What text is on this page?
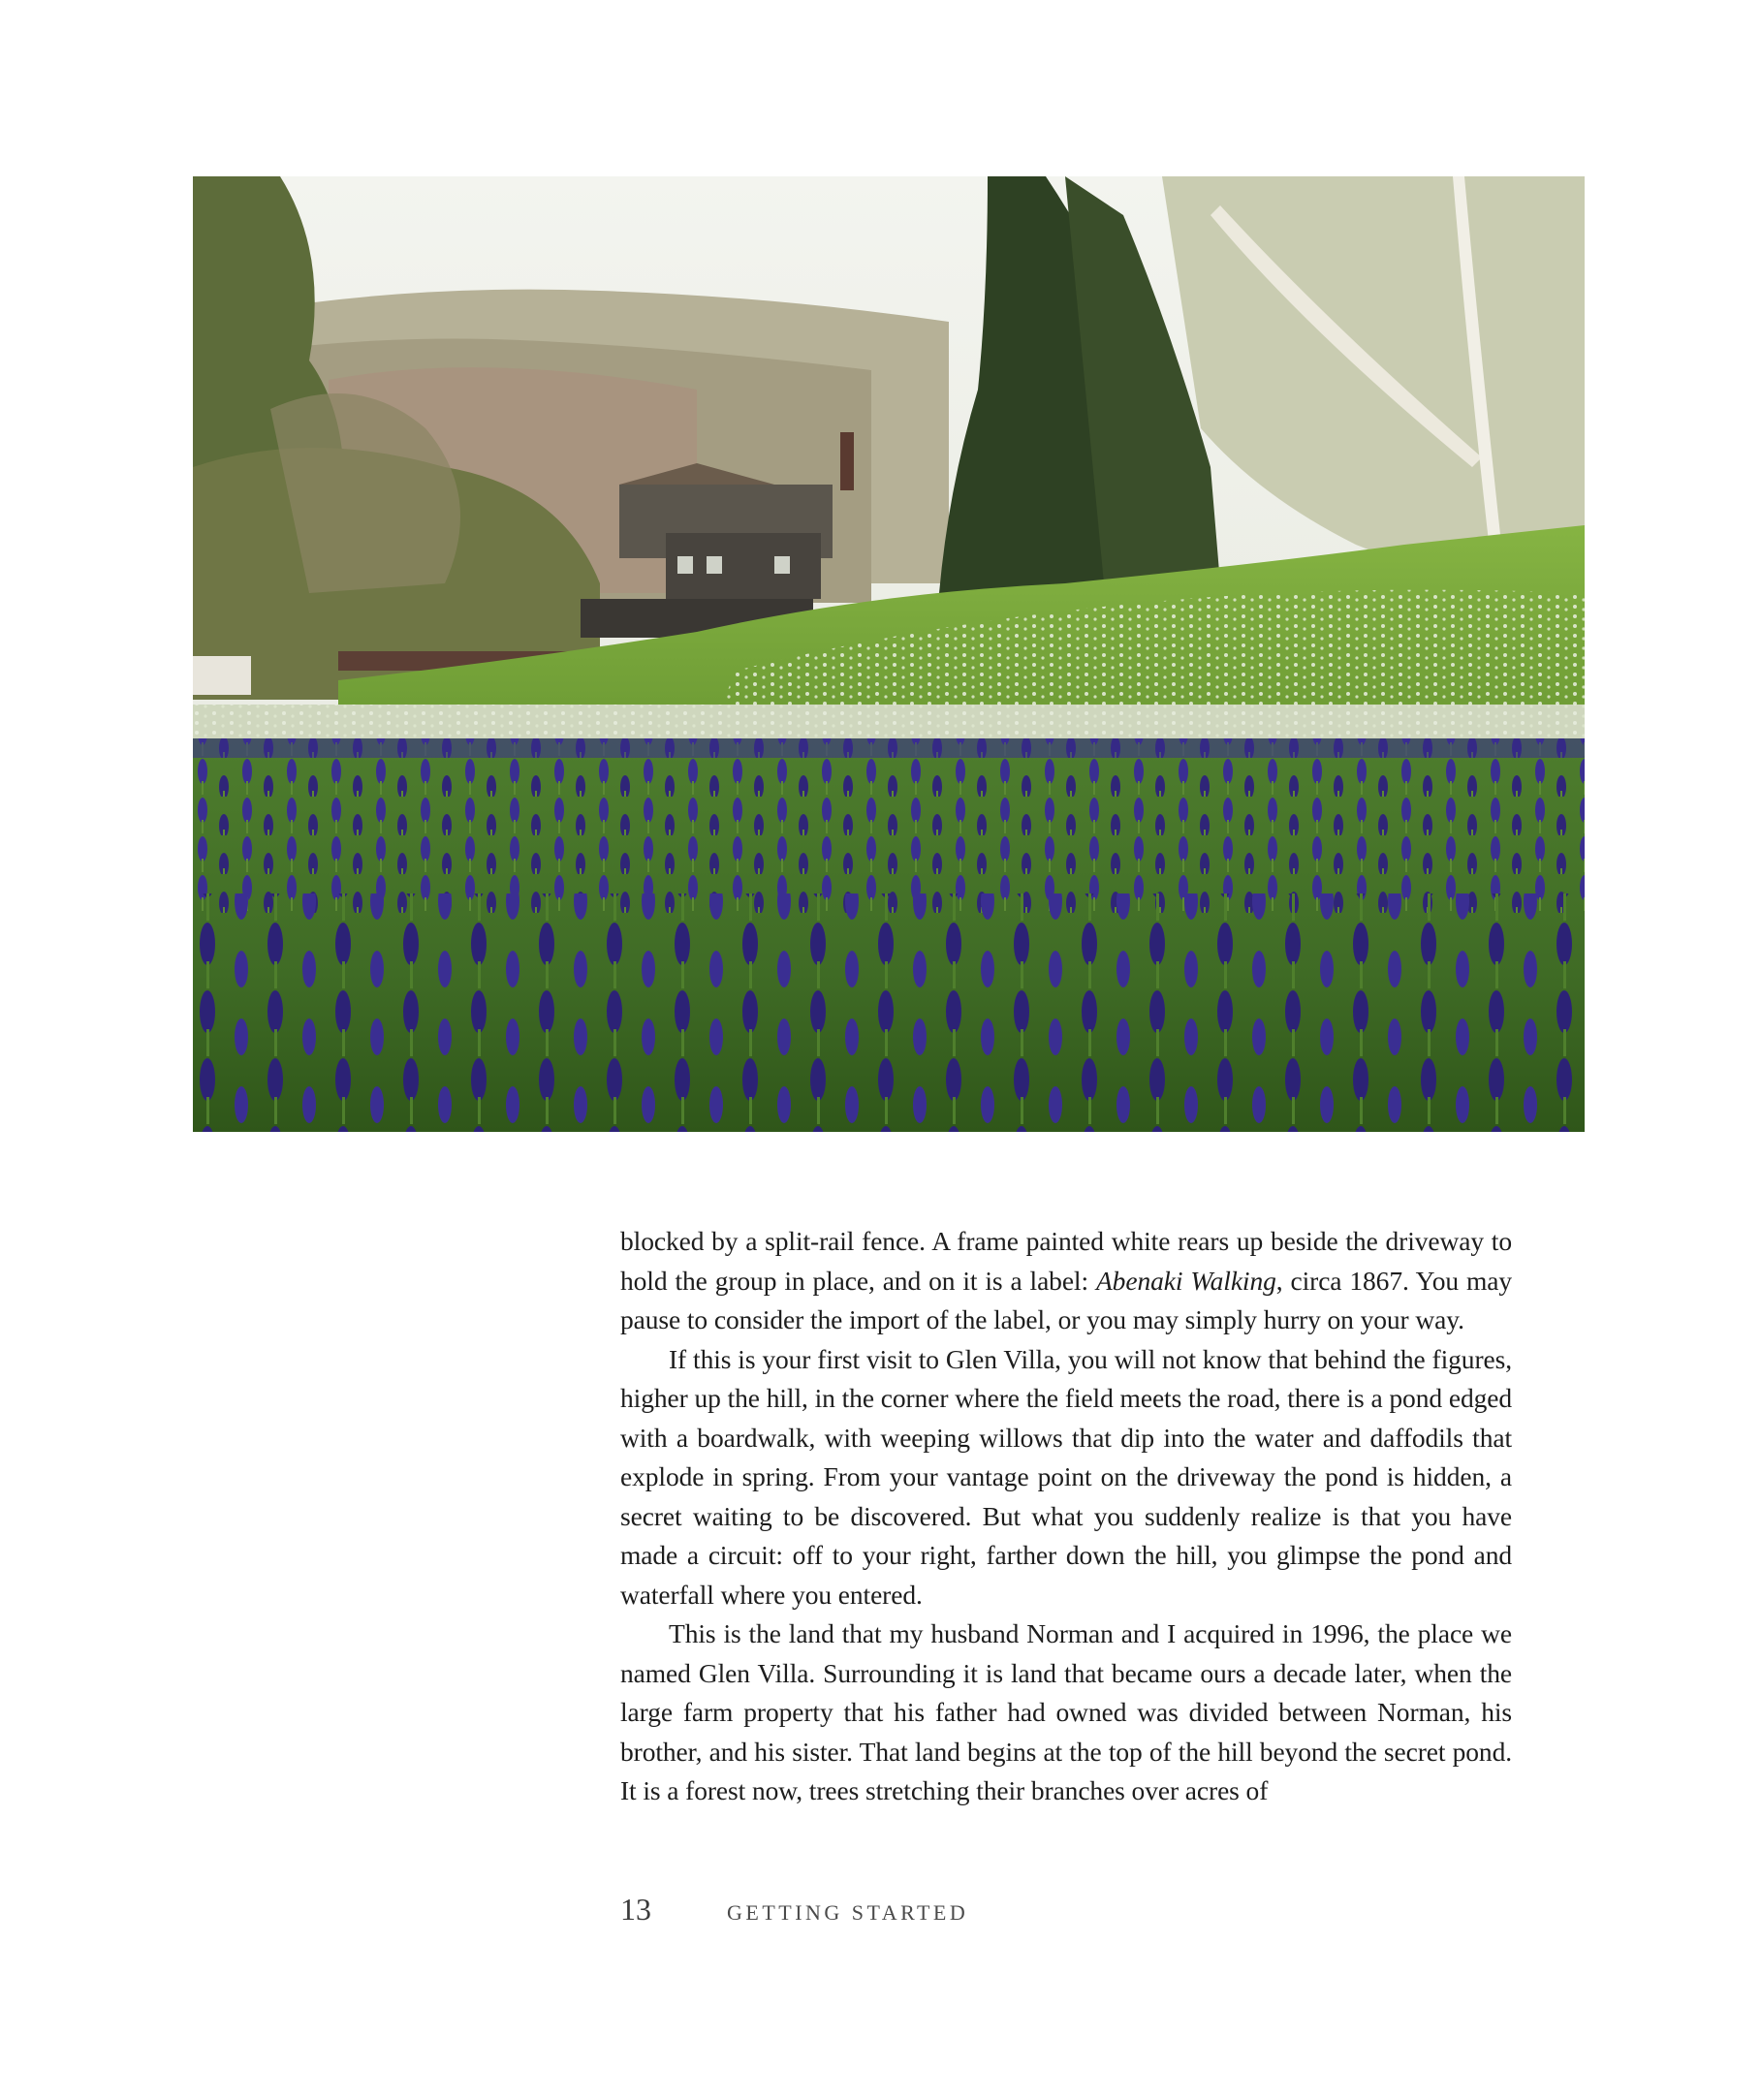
blocked by a split-rail fence. A frame painted white rears up beside the driveway to hold the group in place, and on it is a label: Abenaki Walking, circa 1867. You may pause to consider the import of the label, or you may simply hurry on your way.

If this is your first visit to Glen Villa, you will not know that behind the figures, higher up the hill, in the corner where the field meets the road, there is a pond edged with a boardwalk, with weeping willows that dip into the water and daffodils that explode in spring. From your vantage point on the driveway the pond is hidden, a secret waiting to be discovered. But what you suddenly realize is that you have made a circuit: off to your right, farther down the hill, you glimpse the pond and waterfall where you entered.

This is the land that my husband Norman and I acquired in 1996, the place we named Glen Villa. Surrounding it is land that became ours a decade later, when the large farm property that his father had owned was divided between Norman, his brother, and his sister. That land begins at the top of the hill beyond the secret pond. It is a forest now, trees stretching their branches over acres of

13	GETTING STARTED
